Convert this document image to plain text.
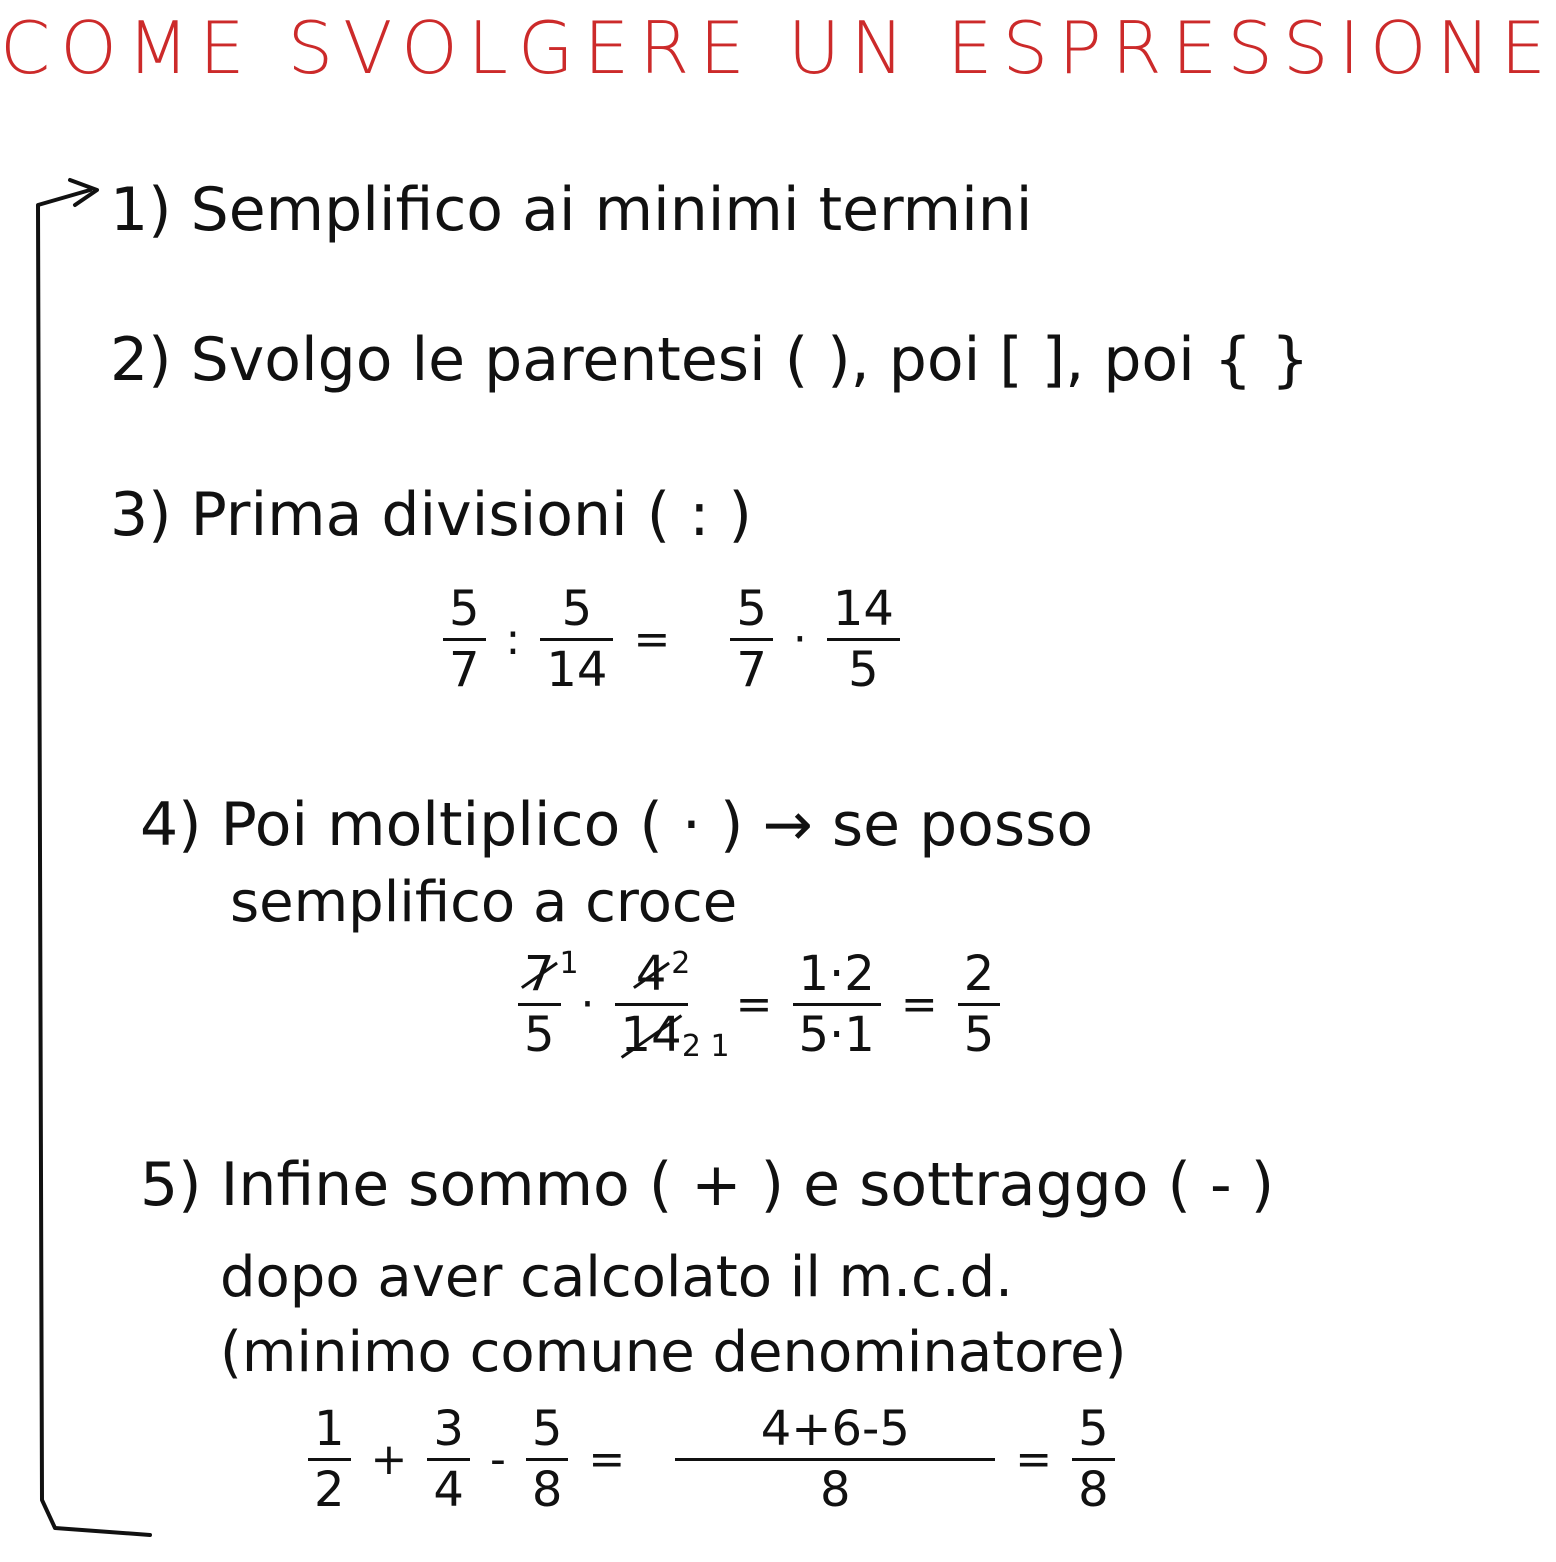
COME SVOLGERE UN ESPRESSIONE
1) Semplifico ai minimi termini
2) Svolgo le parentesi ( ), poi [ ], poi { }
3) Prima divisioni ( : )
$\frac{5}{7}$ : $\frac{5}{14} = \frac{5}{7} \cdot \frac{14}{5}$
4) Poi moltiplico ( · ) → se posso
semplifico a croce
$\frac{7 1}{5} \cdot \frac{4 2}{14 2 1}$	= $\frac{1\cdot 2}{5\cdot 1} = \frac{2}{5}$
5) Infine sommo ( + ) e sottraggo ( - )
dopo aver calcolato il m.c.d.
(minimo comune denominatore)
$\frac{1}{2} + \frac{3}{4} - \frac{5}{8} = \frac{4+6-5}{8} = \frac{5}{8}$
